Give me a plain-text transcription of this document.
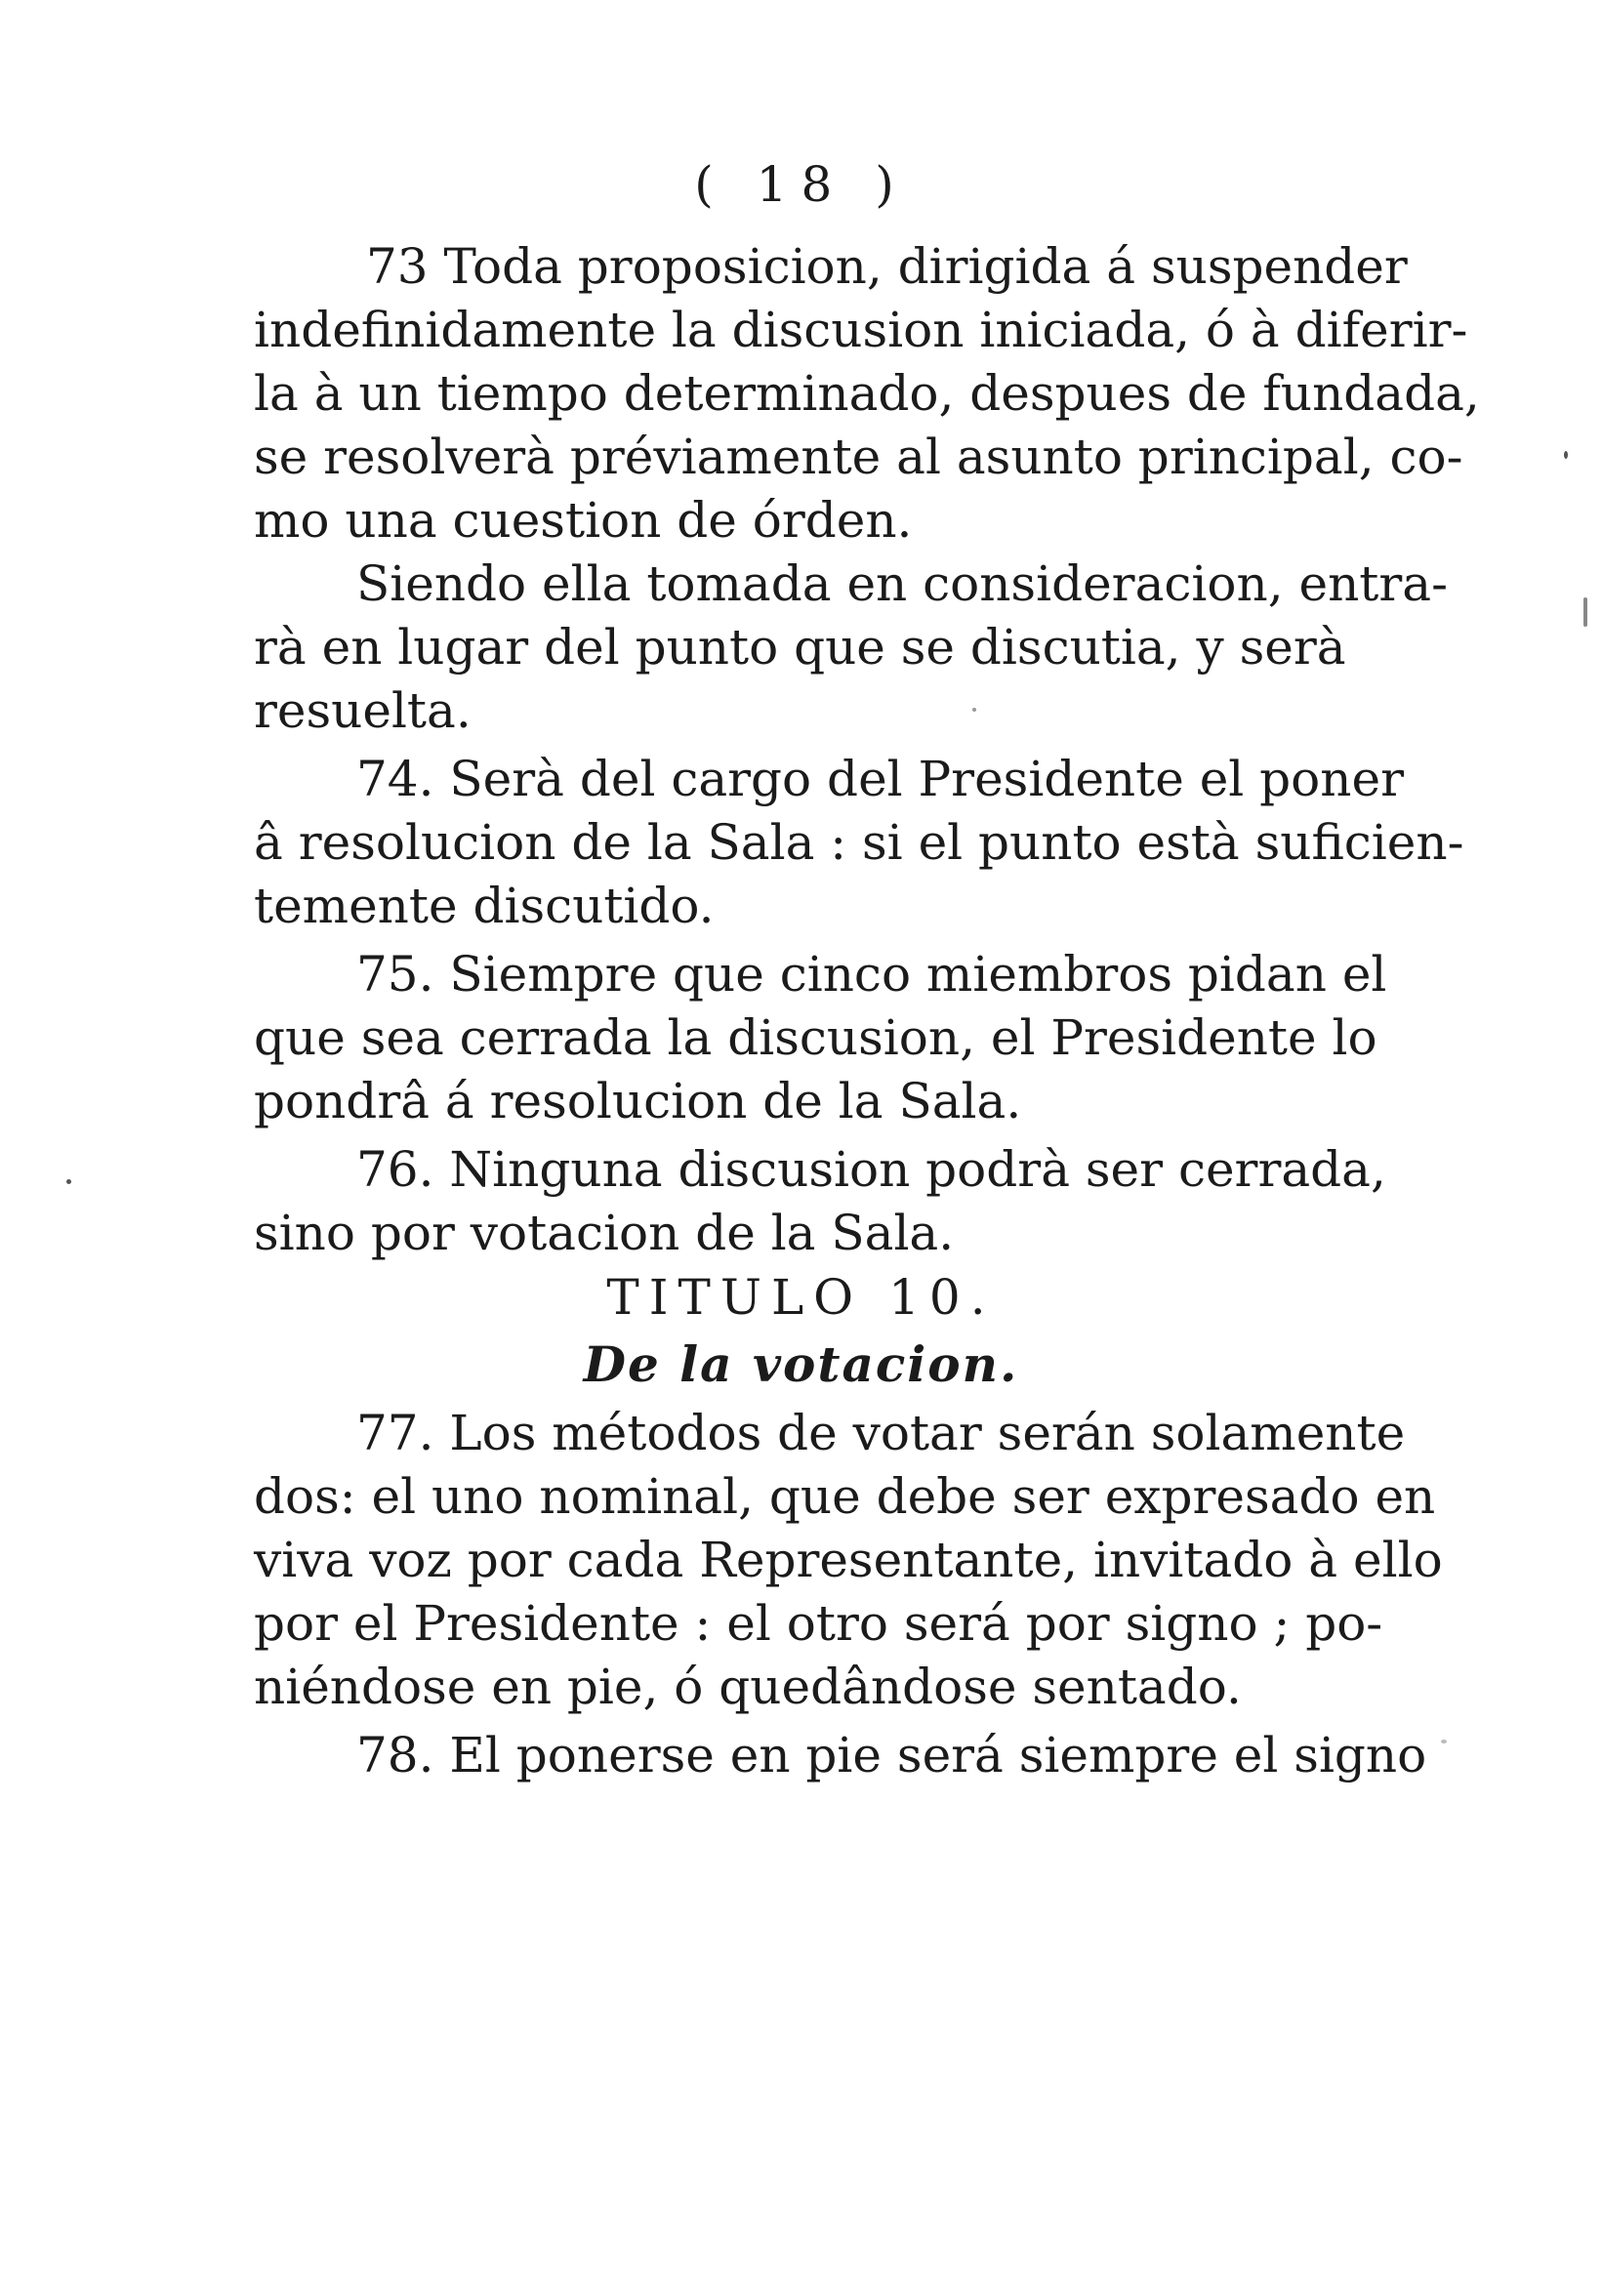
( 18 )
73 Toda proposicion, dirigida á suspender
indefinidamente la discusion iniciada, ó à diferir-
la à un tiempo determinado, despues de fundada,
se resolverà préviamente al asunto principal, co-
mo una cuestion de órden.
Siendo ella tomada en consideracion, entra-
rà en lugar del punto que se discutia, y serà
resuelta.
74. Serà del cargo del Presidente el poner
â resolucion de la Sala : si el punto està suficien-
temente discutido.
75. Siempre que cinco miembros pidan el
que sea cerrada la discusion, el Presidente lo
pondrâ á resolucion de la Sala.
76. Ninguna discusion podrà ser cerrada,
sino por votacion de la Sala.
TITULO 10.
De la votacion.
77. Los métodos de votar serán solamente
dos: el uno nominal, que debe ser expresado en
viva voz por cada Representante, invitado à ello
por el Presidente : el otro será por signo ; po-
niéndose en pie, ó quedândose sentado.
78. El ponerse en pie será siempre el signo
